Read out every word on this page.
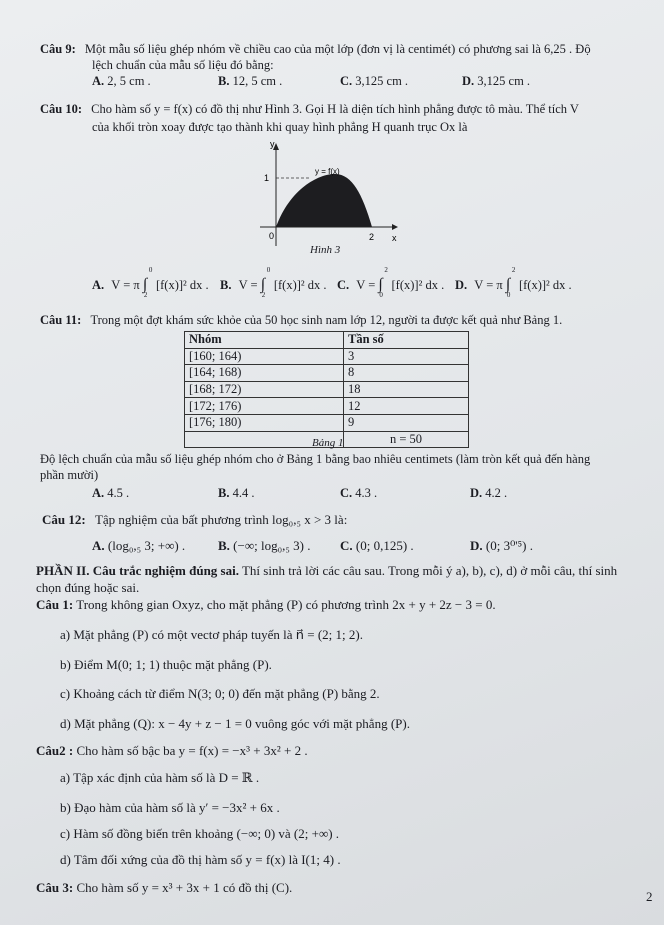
Câu 9: Một mẫu số liệu ghép nhóm về chiều cao của một lớp (đơn vị là centimét) có phương sai là 6,25 . Độ
lệch chuẩn của mẫu số liệu đó bằng:
A. 2, 5 cm .	B. 12, 5 cm .	C. 3,125 cm .	D. 3,125 cm .
Câu 10: Cho hàm số y = f(x) có đồ thị như Hình 3. Gọi H là diện tích hình phẳng được tô màu. Thể tích V
của khối tròn xoay được tạo thành khi quay hình phẳng H quanh trục Ox là
y
x
1
2
0
y = f(x)
Hình 3
A. V = π ∫
0
2
[f(x)]² dx . B. V = ∫
0
2
[f(x)]² dx . C. V = ∫
2
0
[f(x)]² dx . D. V = π ∫
2
0
[f(x)]² dx .
Câu 11: Trong một đợt khám sức khỏe của 50 học sinh nam lớp 12, người ta được kết quả như Bảng 1.
Nhóm	Tần số
[160; 164)	3
[164; 168)	8
[168; 172)	18
[172; 176)	12
[176; 180)	9
	n = 50
Bảng 1
Độ lệch chuẩn của mẫu số liệu ghép nhóm cho ở Bảng 1 bằng bao nhiêu centimets (làm tròn kết quả đến hàng
phần mười)
A. 4.5 .	B. 4.4 .	C. 4.3 .	D. 4.2 .
Câu 12: Tập nghiệm của bất phương trình log₀,₅ x > 3 là:
A. (log₀,₅ 3; +∞) .	B. (−∞; log₀,₅ 3) . C. (0; 0,125) .	D. (0; 3⁰'⁵) .
PHẦN II. Câu trắc nghiệm đúng sai. Thí sinh trả lời các câu sau. Trong mỗi ý a), b), c), d) ở mỗi câu, thí sinh
chọn đúng hoặc sai.
Câu 1: Trong không gian Oxyz, cho mặt phẳng (P) có phương trình 2x + y + 2z − 3 = 0.
a) Mặt phẳng (P) có một vectơ pháp tuyến là n⃗ = (2; 1; 2).
b) Điểm M(0; 1; 1) thuộc mặt phẳng (P).
c) Khoảng cách từ điểm N(3; 0; 0) đến mặt phẳng (P) bằng 2.
d) Mặt phẳng (Q): x − 4y + z − 1 = 0 vuông góc với mặt phẳng (P).
Câu2 : Cho hàm số bậc ba y = f(x) = −x³ + 3x² + 2 .
a) Tập xác định của hàm số là D = ℝ .
b) Đạo hàm của hàm số là y′ = −3x² + 6x .
c) Hàm số đồng biến trên khoảng (−∞; 0) và (2; +∞) .
d) Tâm đối xứng của đồ thị hàm số y = f(x) là I(1; 4) .
Câu 3: Cho hàm số y = x³ + 3x + 1 có đồ thị (C).
2
